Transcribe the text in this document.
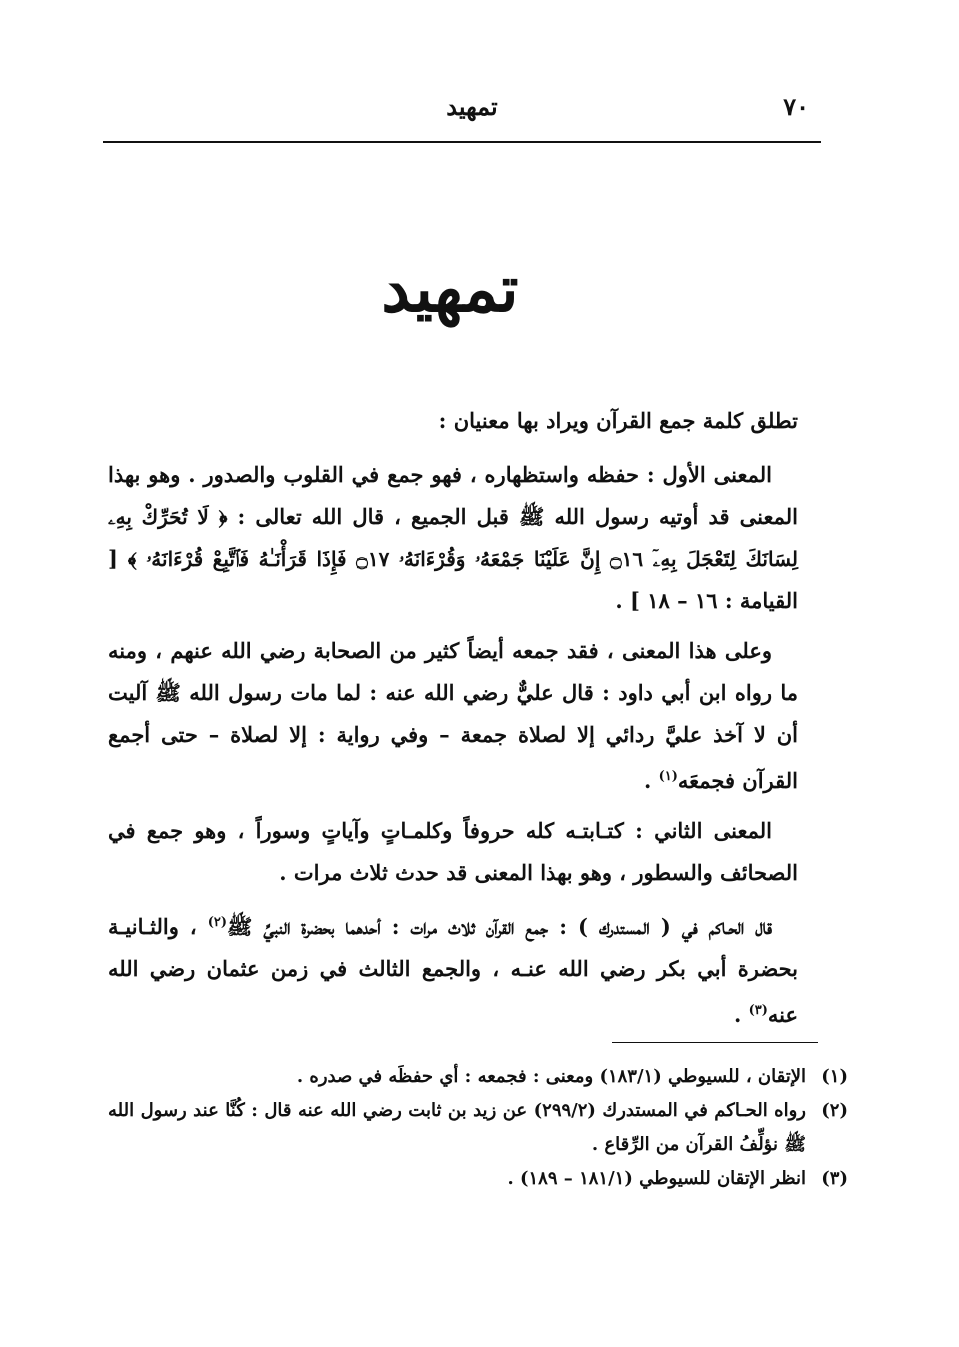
٧٠
تمهيد
تمهيد

تطلق كلمة جمع القرآن ويراد بها معنيان :

المعنى الأول : حفظه واستظهاره ، فهو جمع في القلوب والصدور . وهو بهذا المعنى قد أوتيه رسول الله ﷺ قبل الجميع ، قال الله تعالى : ﴿ لَا تُحَرِّكْ بِهِۦ لِسَانَكَ لِتَعْجَلَ بِهِۦٓ ۝١٦ إِنَّ عَلَيْنَا جَمْعَهُۥ وَقُرْءَانَهُۥ ۝١٧ فَإِذَا قَرَأْنَـٰهُ فَٱتَّبِعْ قُرْءَانَهُۥ ﴾ [ القيامة : ١٦ – ١٨ ] .

وعلى هذا المعنى ، فقد جمعه أيضاً كثير من الصحابة رضي الله عنهم ، ومنه ما رواه ابن أبي داود : قال عليٌّ رضي الله عنه : لما مات رسول الله ﷺ آليت أن لا آخذ عليَّ ردائي إلا لصلاة جمعة – وفي رواية : إلا لصلاة – حتى أجمع القرآن فجمعَه$^{(١)}$ .

المعنى الثاني : كتـابتـه كله حروفاً وكلمـاتٍ وآياتٍ وسوراً ، وهو جمع في الصحائف والسطور ، وهو بهذا المعنى قد حدث ثلاث مرات .

قال الحـاكم في ( المستدرك ) : جمع القرآن ثلاث مرات : أحدهما بحضرة النبيِّ ﷺ$^{(٢)}$ ، والثـانيـة بحضرة أبي بكر رضي الله عنـه ، والجمع الثالث في زمن عثمان رضي الله عنه$^{(٣)}$ .

(١)
الإتقان ، للسيوطي (١٨٣/١) ومعنى : فجمعه : أي حفظَه في صدره .
(٢)
رواه الحـاكم في المستدرك (٢٩٩/٢) عن زيد بن ثابت رضي الله عنه قال : كُنَّا عند رسول الله ﷺ نؤلِّفُ القرآن من الرِّقاع .
(٣)
انظر الإتقان للسيوطي (١٨١/١ – ١٨٩) .
